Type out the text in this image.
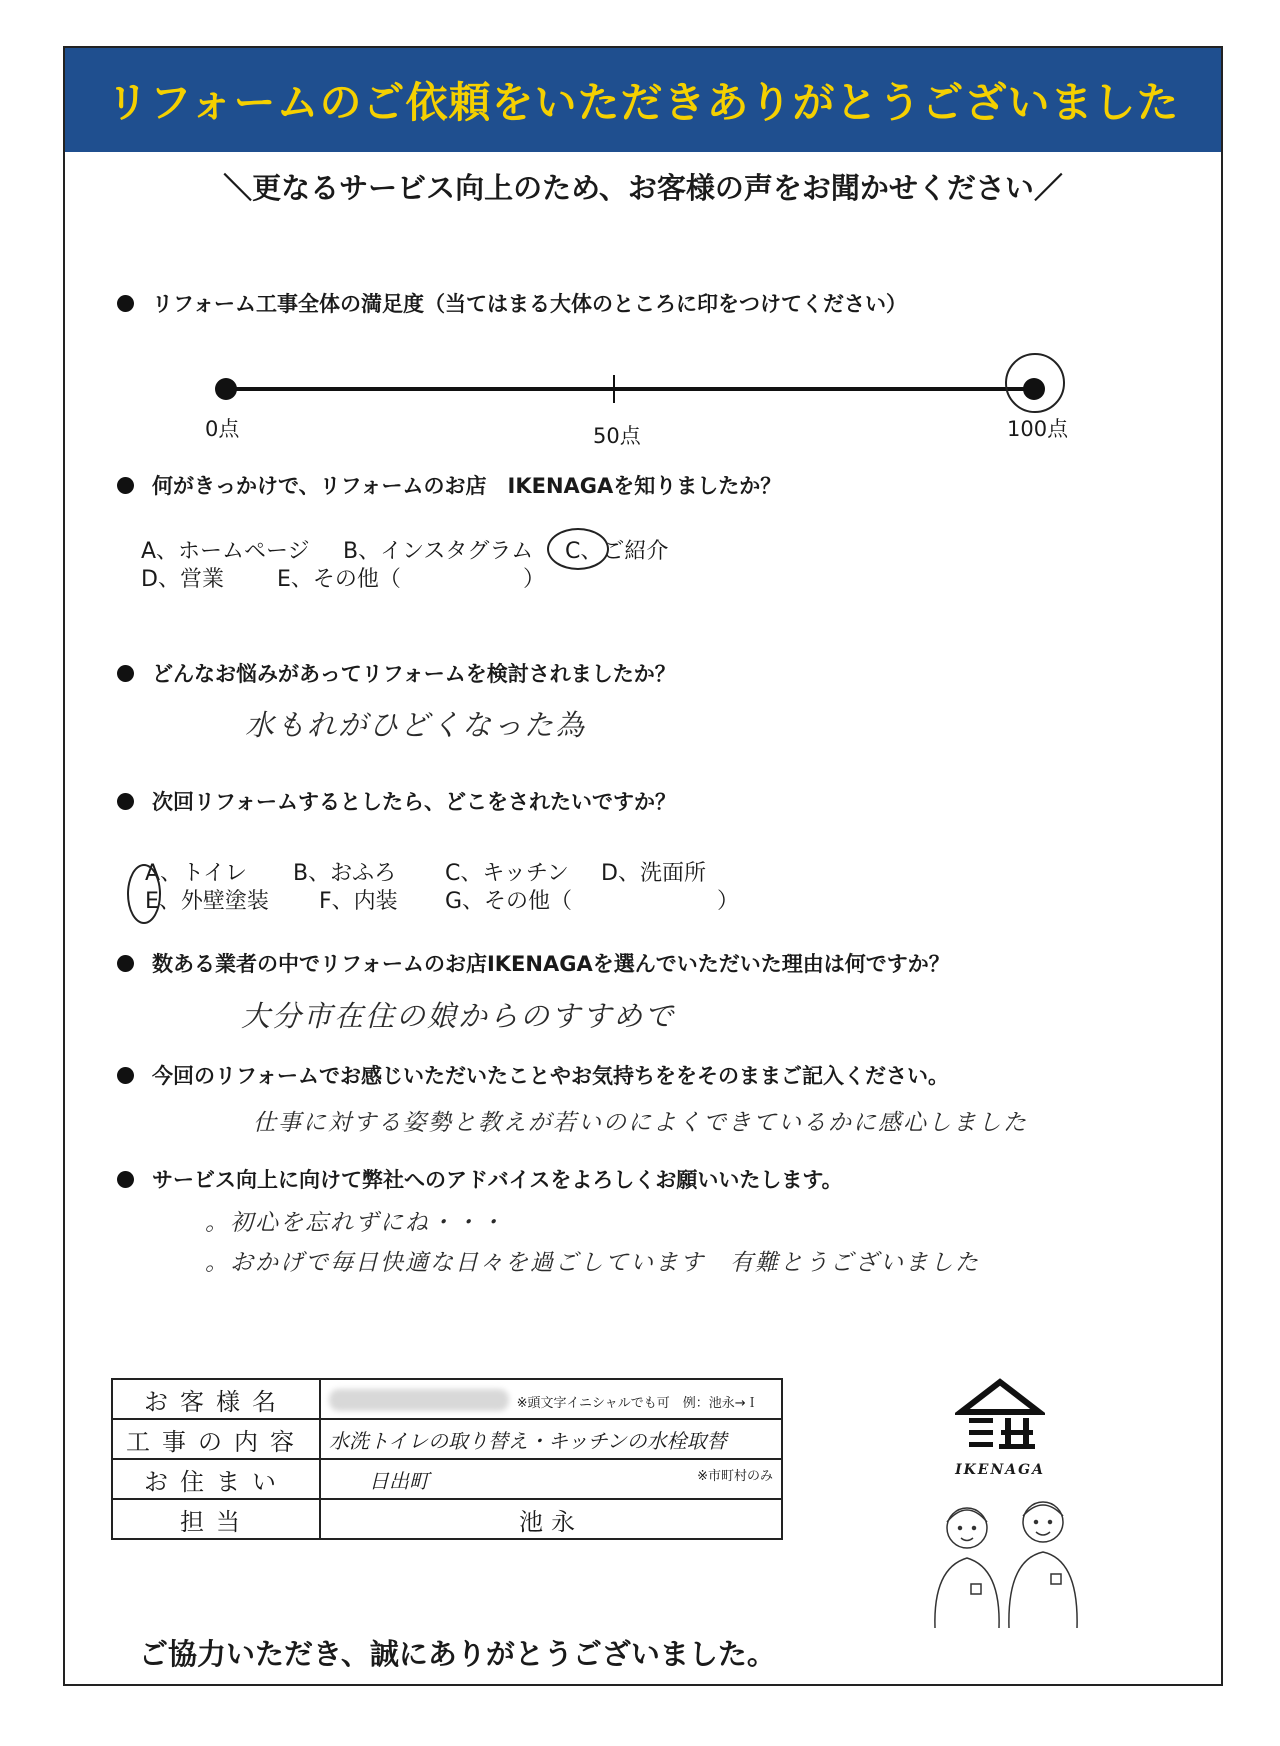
リフォームのご依頼をいただきありがとうございました
＼更なるサービス向上のため、お客様の声をお聞かせください／
リフォーム工事全体の満足度（当てはまる大体のところに印をつけてください）
0点	50点	100点
何がきっかけで、リフォームのお店　IKENAGAを知りましたか？
A、ホームページ B、インスタグラム C、ご紹介
D、営業 E、その他（	）
どんなお悩みがあってリフォームを検討されましたか？
水もれがひどくなった為
次回リフォームするとしたら、どこをされたいですか？
A、トイレ B、おふろ C、キッチン D、洗面所
E、外壁塗装 F、内装 G、その他（	）
数ある業者の中でリフォームのお店IKENAGAを選んでいただいた理由は何ですか？
大分市在住の娘からのすすめで
今回のリフォームでお感じいただいたことやお気持ちををそのままご記入ください。
仕事に対する姿勢と教えが若いのによくできているかに感心しました
サービス向上に向けて弊社へのアドバイスをよろしくお願いいたします。
。初心を忘れずにね・・・
。おかげで毎日快適な日々を過ごしています　有難とうございました
お客様名	※頭文字イニシャルでも可　例：池永→Ｉ
工事の内容	水洗トイレの取り替え・キッチンの水栓取替
お住まい	日出町 ※市町村のみ

担当	池永
IKENAGA
ご協力いただき、誠にありがとうございました。
